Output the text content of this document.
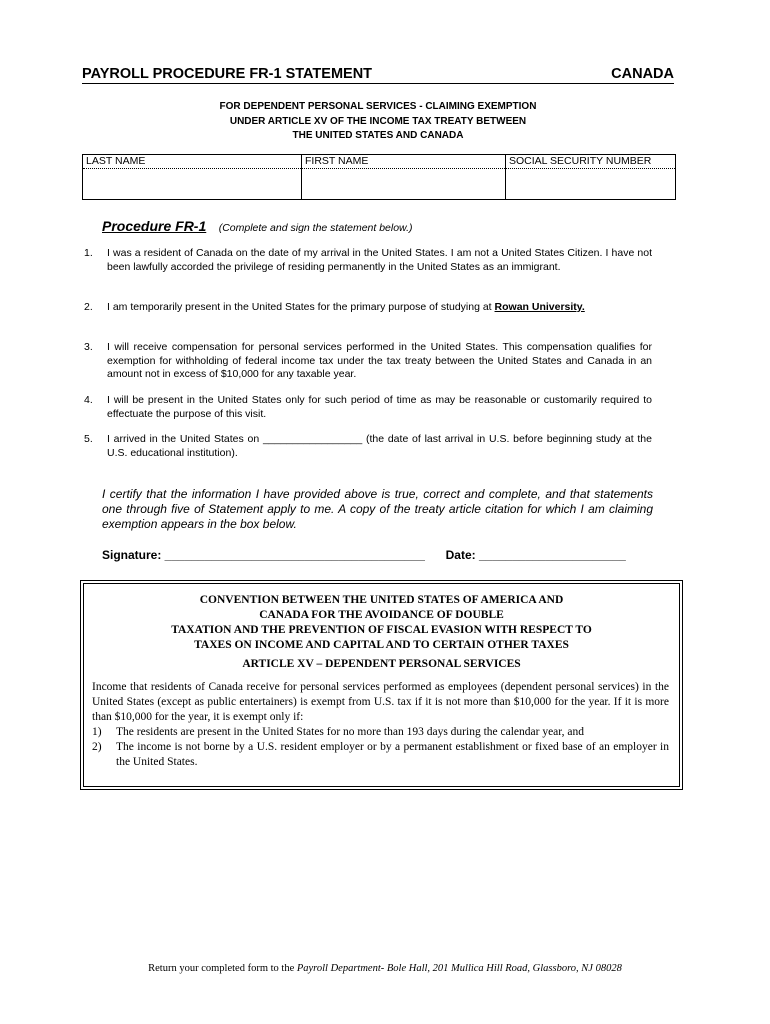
PAYROLL PROCEDURE FR-1 STATEMENT	CANADA
FOR DEPENDENT PERSONAL SERVICES - CLAIMING EXEMPTION
UNDER ARTICLE XV OF THE INCOME TAX TREATY BETWEEN
THE UNITED STATES AND CANADA
LAST NAME	FIRST NAME	SOCIAL SECURITY NUMBER
Procedure FR-1 (Complete and sign the statement below.)
1. I was a resident of Canada on the date of my arrival in the United States. I am not a United States Citizen. I have not been lawfully accorded the privilege of residing permanently in the United States as an immigrant.
2. I am temporarily present in the United States for the primary purpose of studying at Rowan University.
3. I will receive compensation for personal services performed in the United States. This compensation qualifies for exemption for withholding of federal income tax under the tax treaty between the United States and Canada in an amount not in excess of $10,000 for any taxable year.
4. I will be present in the United States only for such period of time as may be reasonable or customarily required to effectuate the purpose of this visit.
5. I arrived in the United States on _________________ (the date of last arrival in U.S. before beginning study at the U.S. educational institution).
I certify that the information I have provided above is true, correct and complete, and that statements one through five of Statement apply to me. A copy of the treaty article citation for which I am claiming exemption appears in the box below.
Signature: _______________________________________ Date: ______________________
CONVENTION BETWEEN THE UNITED STATES OF AMERICA AND
CANADA FOR THE AVOIDANCE OF DOUBLE
TAXATION AND THE PREVENTION OF FISCAL EVASION WITH RESPECT TO
TAXES ON INCOME AND CAPITAL AND TO CERTAIN OTHER TAXES
ARTICLE XV – DEPENDENT PERSONAL SERVICES
Income that residents of Canada receive for personal services performed as employees (dependent personal services) in the United States (except as public entertainers) is exempt from U.S. tax if it is not more than $10,000 for the year. If it is more than $10,000 for the year, it is exempt only if:
1) The residents are present in the United States for no more than 193 days during the calendar year, and
2) The income is not borne by a U.S. resident employer or by a permanent establishment or fixed base of an employer in the United States.
Return your completed form to the Payroll Department- Bole Hall, 201 Mullica Hill Road, Glassboro, NJ 08028
